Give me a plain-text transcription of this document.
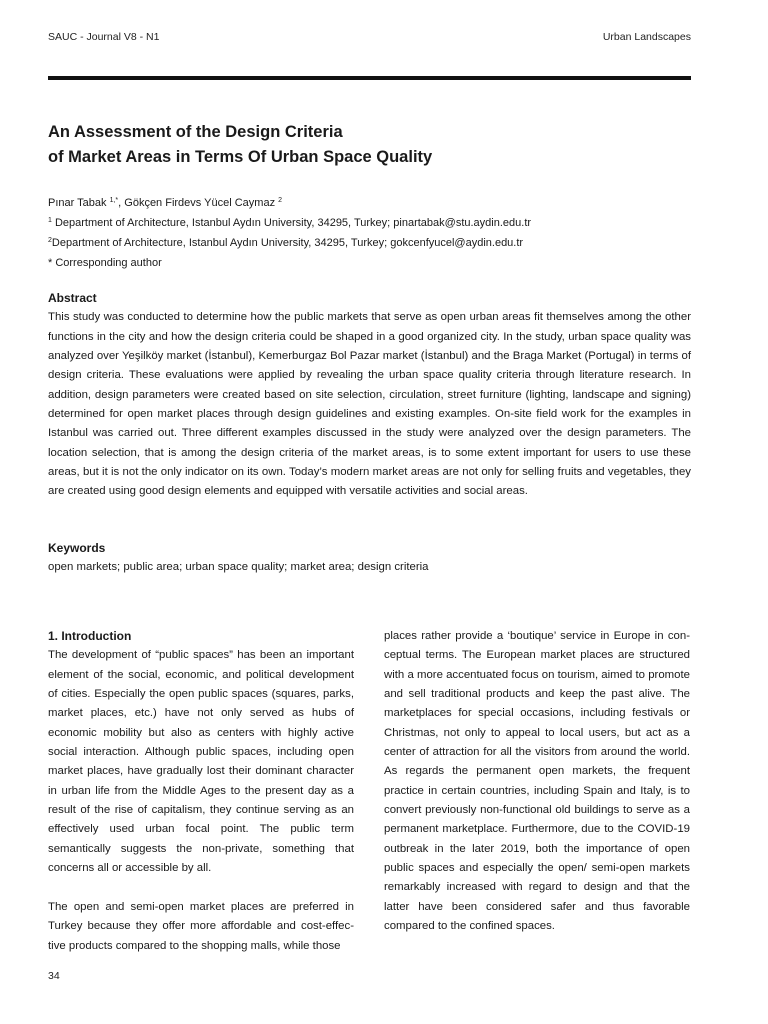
SAUC - Journal V8 - N1	Urban Landscapes
An Assessment of the Design Criteria
of Market Areas in Terms Of Urban Space Quality
Pınar Tabak $^{1,*}$, Gökçen Firdevs Yücel Caymaz $^2$
$^1$ Department of Architecture, Istanbul Aydın University, 34295, Turkey; pinartabak@stu.aydin.edu.tr
$^2$Department of Architecture, Istanbul Aydın University, 34295, Turkey; gokcenfyucel@aydin.edu.tr
* Corresponding author
Abstract
This study was conducted to determine how the public markets that serve as open urban areas fit themselves among the other functions in the city and how the design criteria could be shaped in a good organized city. In the study, urban space quality was analyzed over Yeşilköy market (İstanbul), Kemerburgaz Bol Pazar market (İstanbul) and the Braga Market (Portugal) in terms of design criteria. These evaluations were applied by revealing the urban space quality criteria through literature research. In addition, design parameters were created based on site selection, circulation, street furniture (lighting, landscape and signing) determined for open market places through design guidelines and existing examples. On-site field work for the examples in Istanbul was carried out. Three different examples discussed in the study were analyzed over the design parameters. The location selection, that is among the design criteria of the market areas, is to some extent important for users to use these areas, but it is not the only indicator on its own. Today’s modern market areas are not only for selling fruits and vegetables, they are created using good design elements and equipped with versatile activities and social areas.
Keywords
open markets; public area; urban space quality; market area; design criteria
1. Introduction

The development of “public spaces” has been an important element of the social, economic, and political development of cities. Especially the open public spaces (squares, parks, market places, etc.) have not only served as hubs of economic mobility but also as centers with highly active social interaction. Although public spaces, including open market places, have gradually lost their dominant character in urban life from the Middle Ages to the present day as a result of the rise of capitalism, they continue serving as an effectively used urban focal point. The public term semantically suggests the non-private, something that concerns all or accessible by all.

The open and semi-open market places are preferred in Turkey because they offer more affordable and cost-effective products compared to the shopping malls, while those

places rather provide a ‘boutique’ service in Europe in conceptual terms. The European market places are structured with a more accentuated focus on tourism, aimed to promote and sell traditional products and keep the past alive. The marketplaces for special occasions, including festivals or Christmas, not only to appeal to local users, but act as a center of attraction for all the visitors from around the world. As regards the permanent open markets, the frequent practice in certain countries, including Spain and Italy, is to convert previously non-functional old buildings to serve as a permanent marketplace. Furthermore, due to the COVID-19 outbreak in the later 2019, both the importance of open public spaces and especially the open/ semi-open markets remarkably increased with regard to design and that the latter have been considered safer and thus favorable compared to the confined spaces.

34
